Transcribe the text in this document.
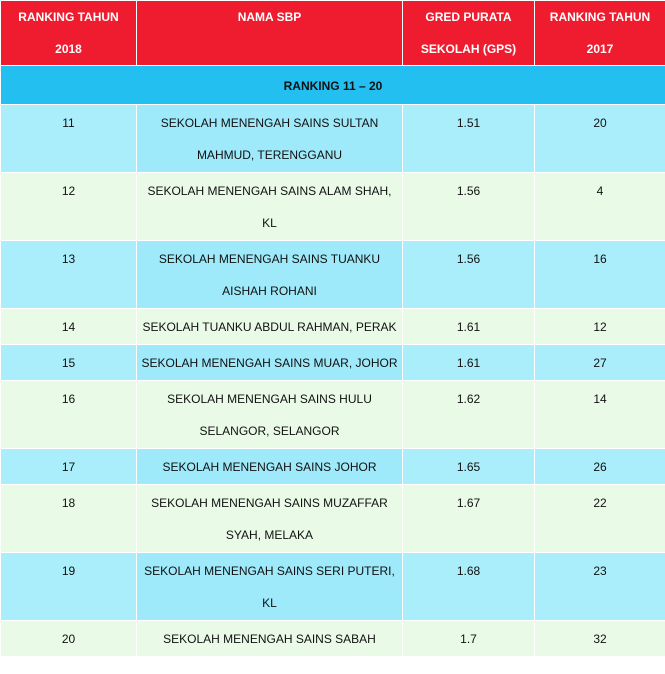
RANKING TAHUN 2018	NAMA SBP	GRED PURATA SEKOLAH (GPS)	RANKING TAHUN 2017
RANKING 11 – 20			
11	SEKOLAH MENENGAH SAINS SULTAN MAHMUD, TERENGGANU	1.51	20
12	SEKOLAH MENENGAH SAINS ALAM SHAH, KL	1.56	4
13	SEKOLAH MENENGAH SAINS TUANKU AISHAH ROHANI	1.56	16
14	SEKOLAH TUANKU ABDUL RAHMAN, PERAK	1.61	12
15	SEKOLAH MENENGAH SAINS MUAR, JOHOR	1.61	27
16	SEKOLAH MENENGAH SAINS HULU SELANGOR, SELANGOR	1.62	14
17	SEKOLAH MENENGAH SAINS JOHOR	1.65	26
18	SEKOLAH MENENGAH SAINS MUZAFFAR SYAH, MELAKA	1.67	22
19	SEKOLAH MENENGAH SAINS SERI PUTERI, KL	1.68	23
20	SEKOLAH MENENGAH SAINS SABAH	1.7	32
